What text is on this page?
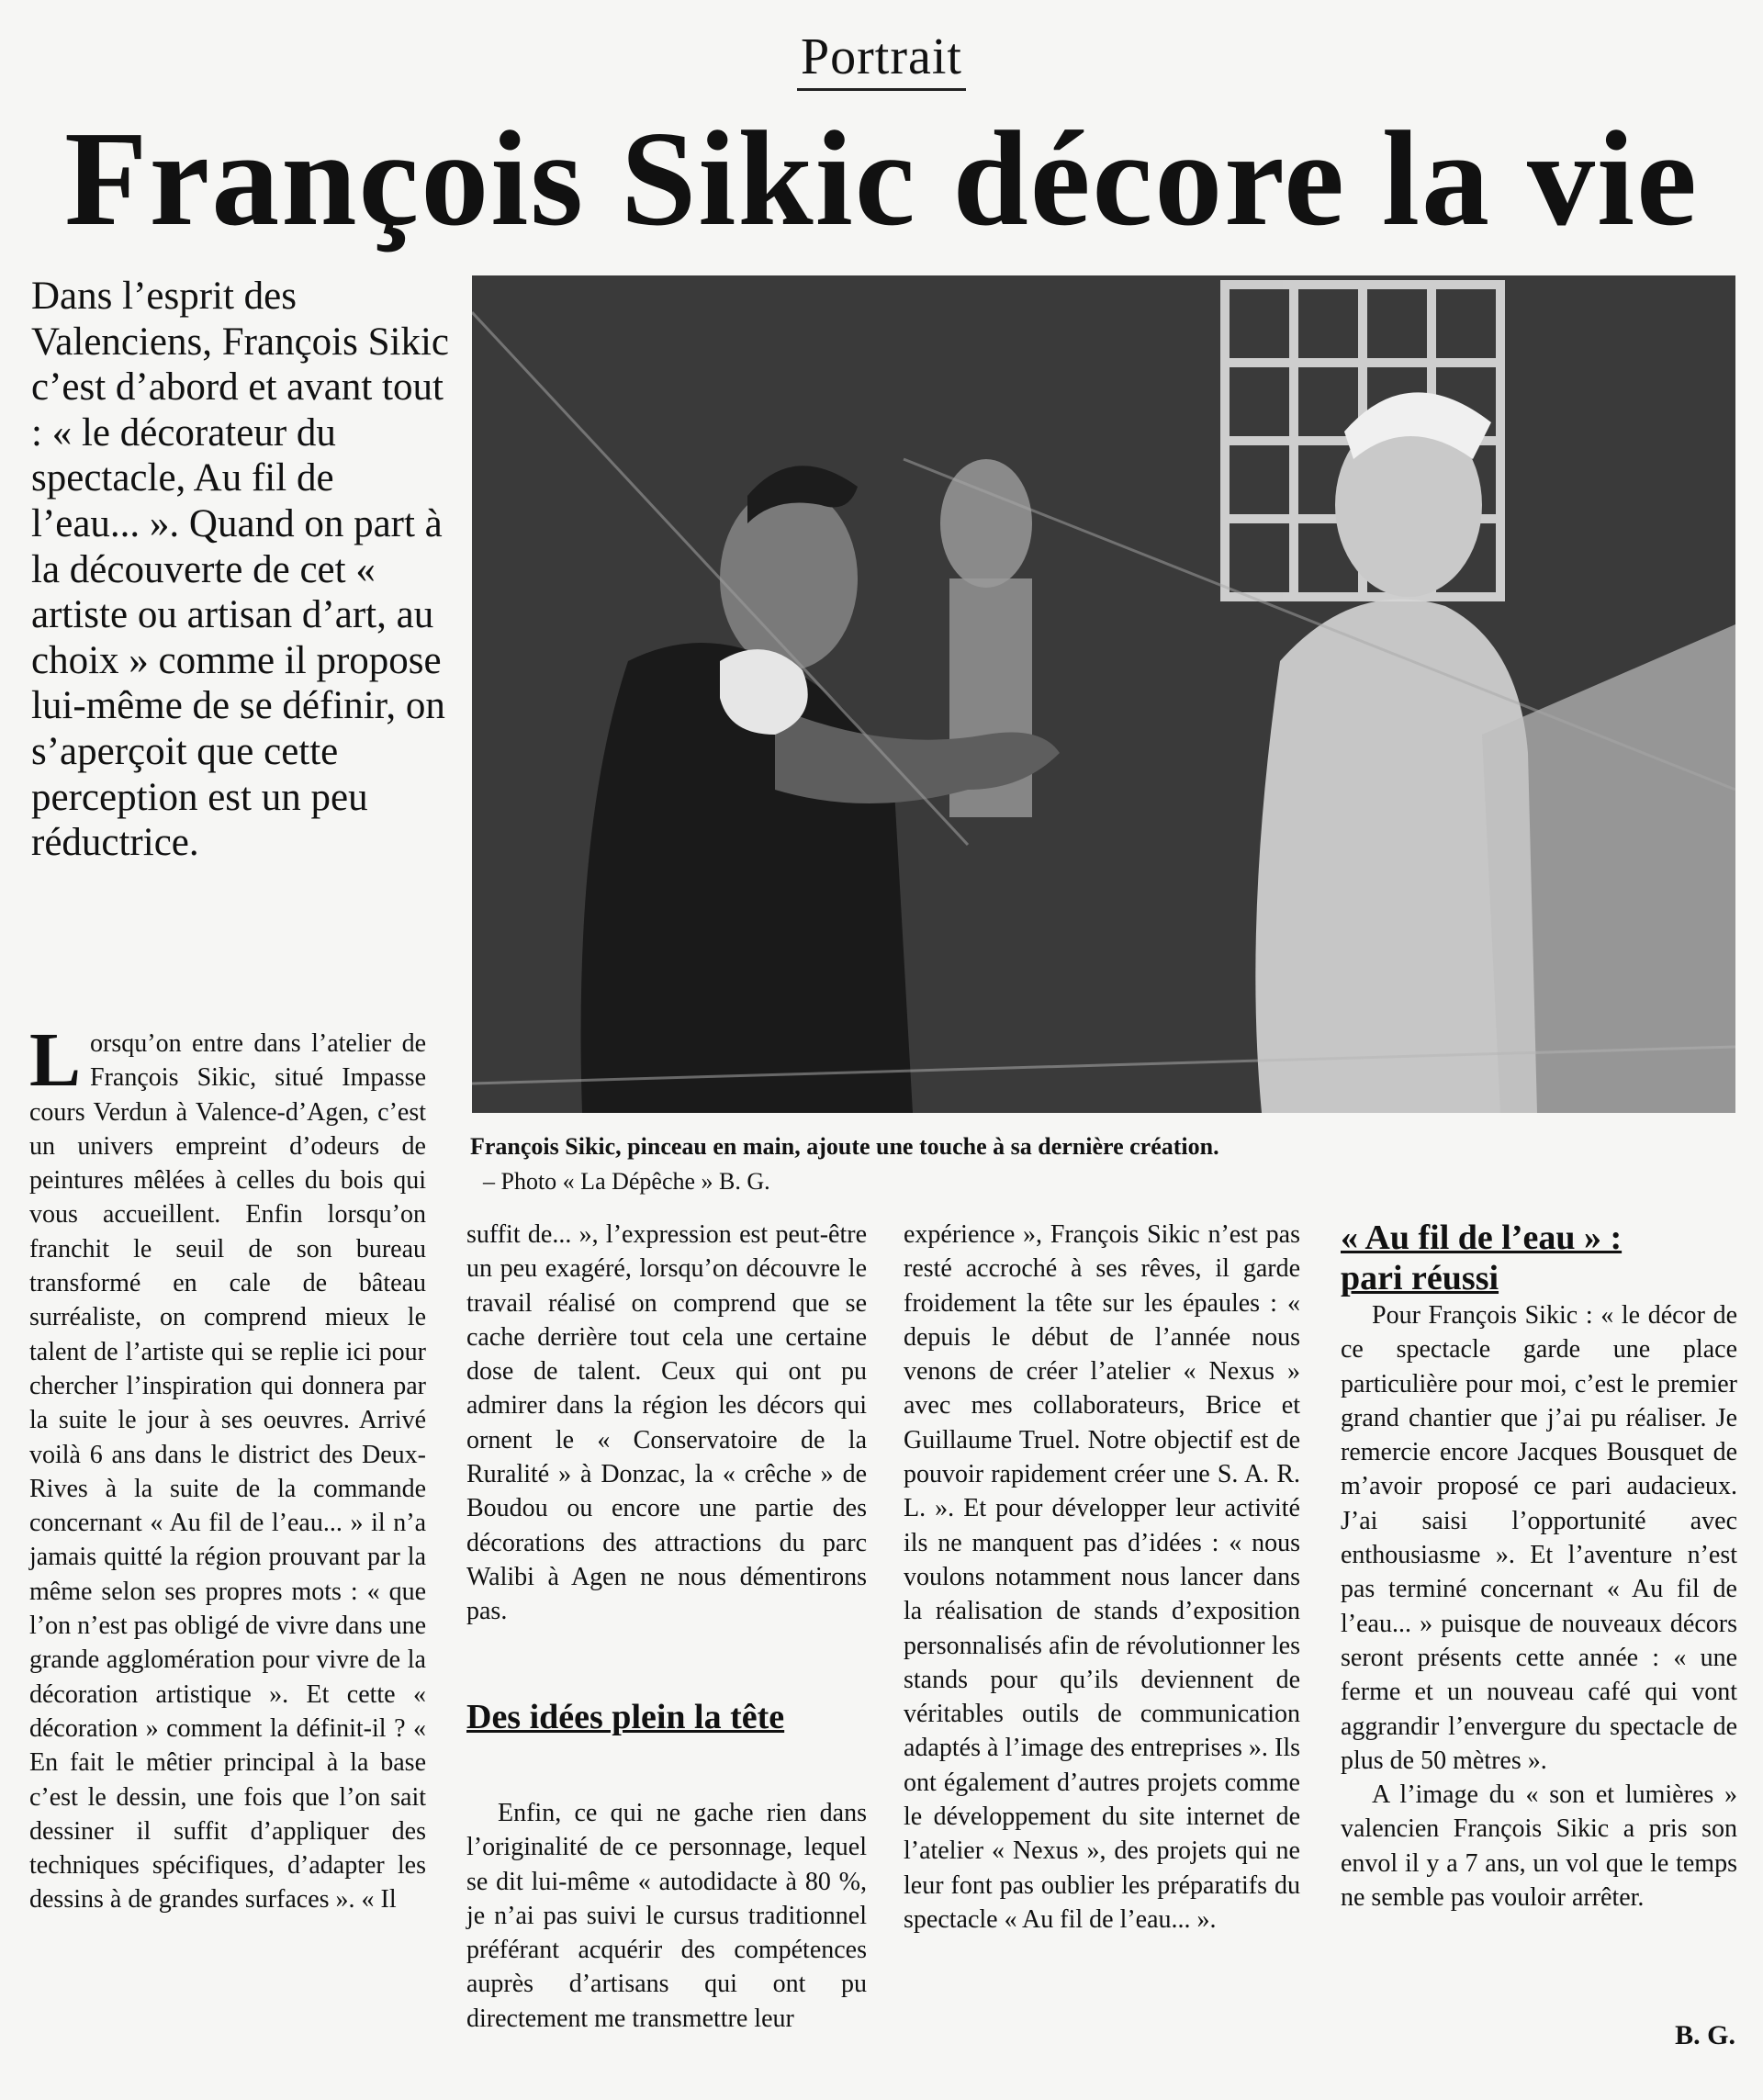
Portrait
François Sikic décore la vie

Dans l’esprit des Valenciens, François Sikic c’est d’abord et avant tout : « le décorateur du spectacle, Au fil de l’eau... ». Quand on part à la découverte de cet « artiste ou artisan d’art, au choix » comme il propose lui-même de se définir, on s’aperçoit que cette perception est un peu réductrice.

François Sikic, pinceau en main, ajoute une touche à sa dernière création.

– Photo « La Dépêche » B. G.

L orsqu’on entre dans l’atelier de François Sikic, situé Impasse cours Verdun à Valence-d’Agen, c’est un univers empreint d’odeurs de peintures mêlées à celles du bois qui vous accueillent. Enfin lorsqu’on franchit le seuil de son bureau transformé en cale de bâteau surréaliste, on comprend mieux le talent de l’artiste qui se replie ici pour chercher l’inspiration qui donnera par la suite le jour à ses oeuvres. Arrivé voilà 6 ans dans le district des Deux-Rives à la suite de la commande concernant « Au fil de l’eau... » il n’a jamais quitté la région prouvant par la même selon ses propres mots : « que l’on n’est pas obligé de vivre dans une grande agglomération pour vivre de la décoration artistique ». Et cette « décoration » comment la définit-il ? « En fait le mêtier principal à la base c’est le dessin, une fois que l’on sait dessiner il suffit d’appliquer des techniques spécifiques, d’adapter les dessins à de grandes surfaces ». « Il

suffit de... », l’expression est peut-être un peu exagéré, lorsqu’on découvre le travail réalisé on comprend que se cache derrière tout cela une certaine dose de talent. Ceux qui ont pu admirer dans la région les décors qui ornent le « Conservatoire de la Ruralité » à Donzac, la « crêche » de Boudou ou encore une partie des décorations des attractions du parc Walibi à Agen ne nous démentirons pas.

Des idées plein la tête

Enfin, ce qui ne gache rien dans l’originalité de ce personnage, lequel se dit lui-même « autodidacte à 80 %, je n’ai pas suivi le cursus traditionnel préférant acquérir des compétences auprès d’artisans qui ont pu directement me transmettre leur

expérience », François Sikic n’est pas resté accroché à ses rêves, il garde froidement la tête sur les épaules : « depuis le début de l’année nous venons de créer l’atelier « Nexus » avec mes collaborateurs, Brice et Guillaume Truel. Notre objectif est de pouvoir rapidement créer une S. A. R. L. ». Et pour développer leur activité ils ne manquent pas d’idées : « nous voulons notamment nous lancer dans la réalisation de stands d’exposition personnalisés afin de révolutionner les stands pour qu’ils deviennent de véritables outils de communication adaptés à l’image des entreprises ». Ils ont également d’autres projets comme le développement du site internet de l’atelier « Nexus », des projets qui ne leur font pas oublier les préparatifs du spectacle « Au fil de l’eau... ».

« Au fil de l’eau » :

pari réussi

Pour François Sikic : « le décor de ce spectacle garde une place particulière pour moi, c’est le premier grand chantier que j’ai pu réaliser. Je remercie encore Jacques Bousquet de m’avoir proposé ce pari audacieux. J’ai saisi l’opportunité avec enthousiasme ». Et l’aventure n’est pas terminé concernant « Au fil de l’eau... » puisque de nouveaux décors seront présents cette année : « une ferme et un nouveau café qui vont aggrandir l’envergure du spectacle de plus de 50 mètres ».

A l’image du « son et lumières » valencien François Sikic a pris son envol il y a 7 ans, un vol que le temps ne semble pas vouloir arrêter.

B. G.
